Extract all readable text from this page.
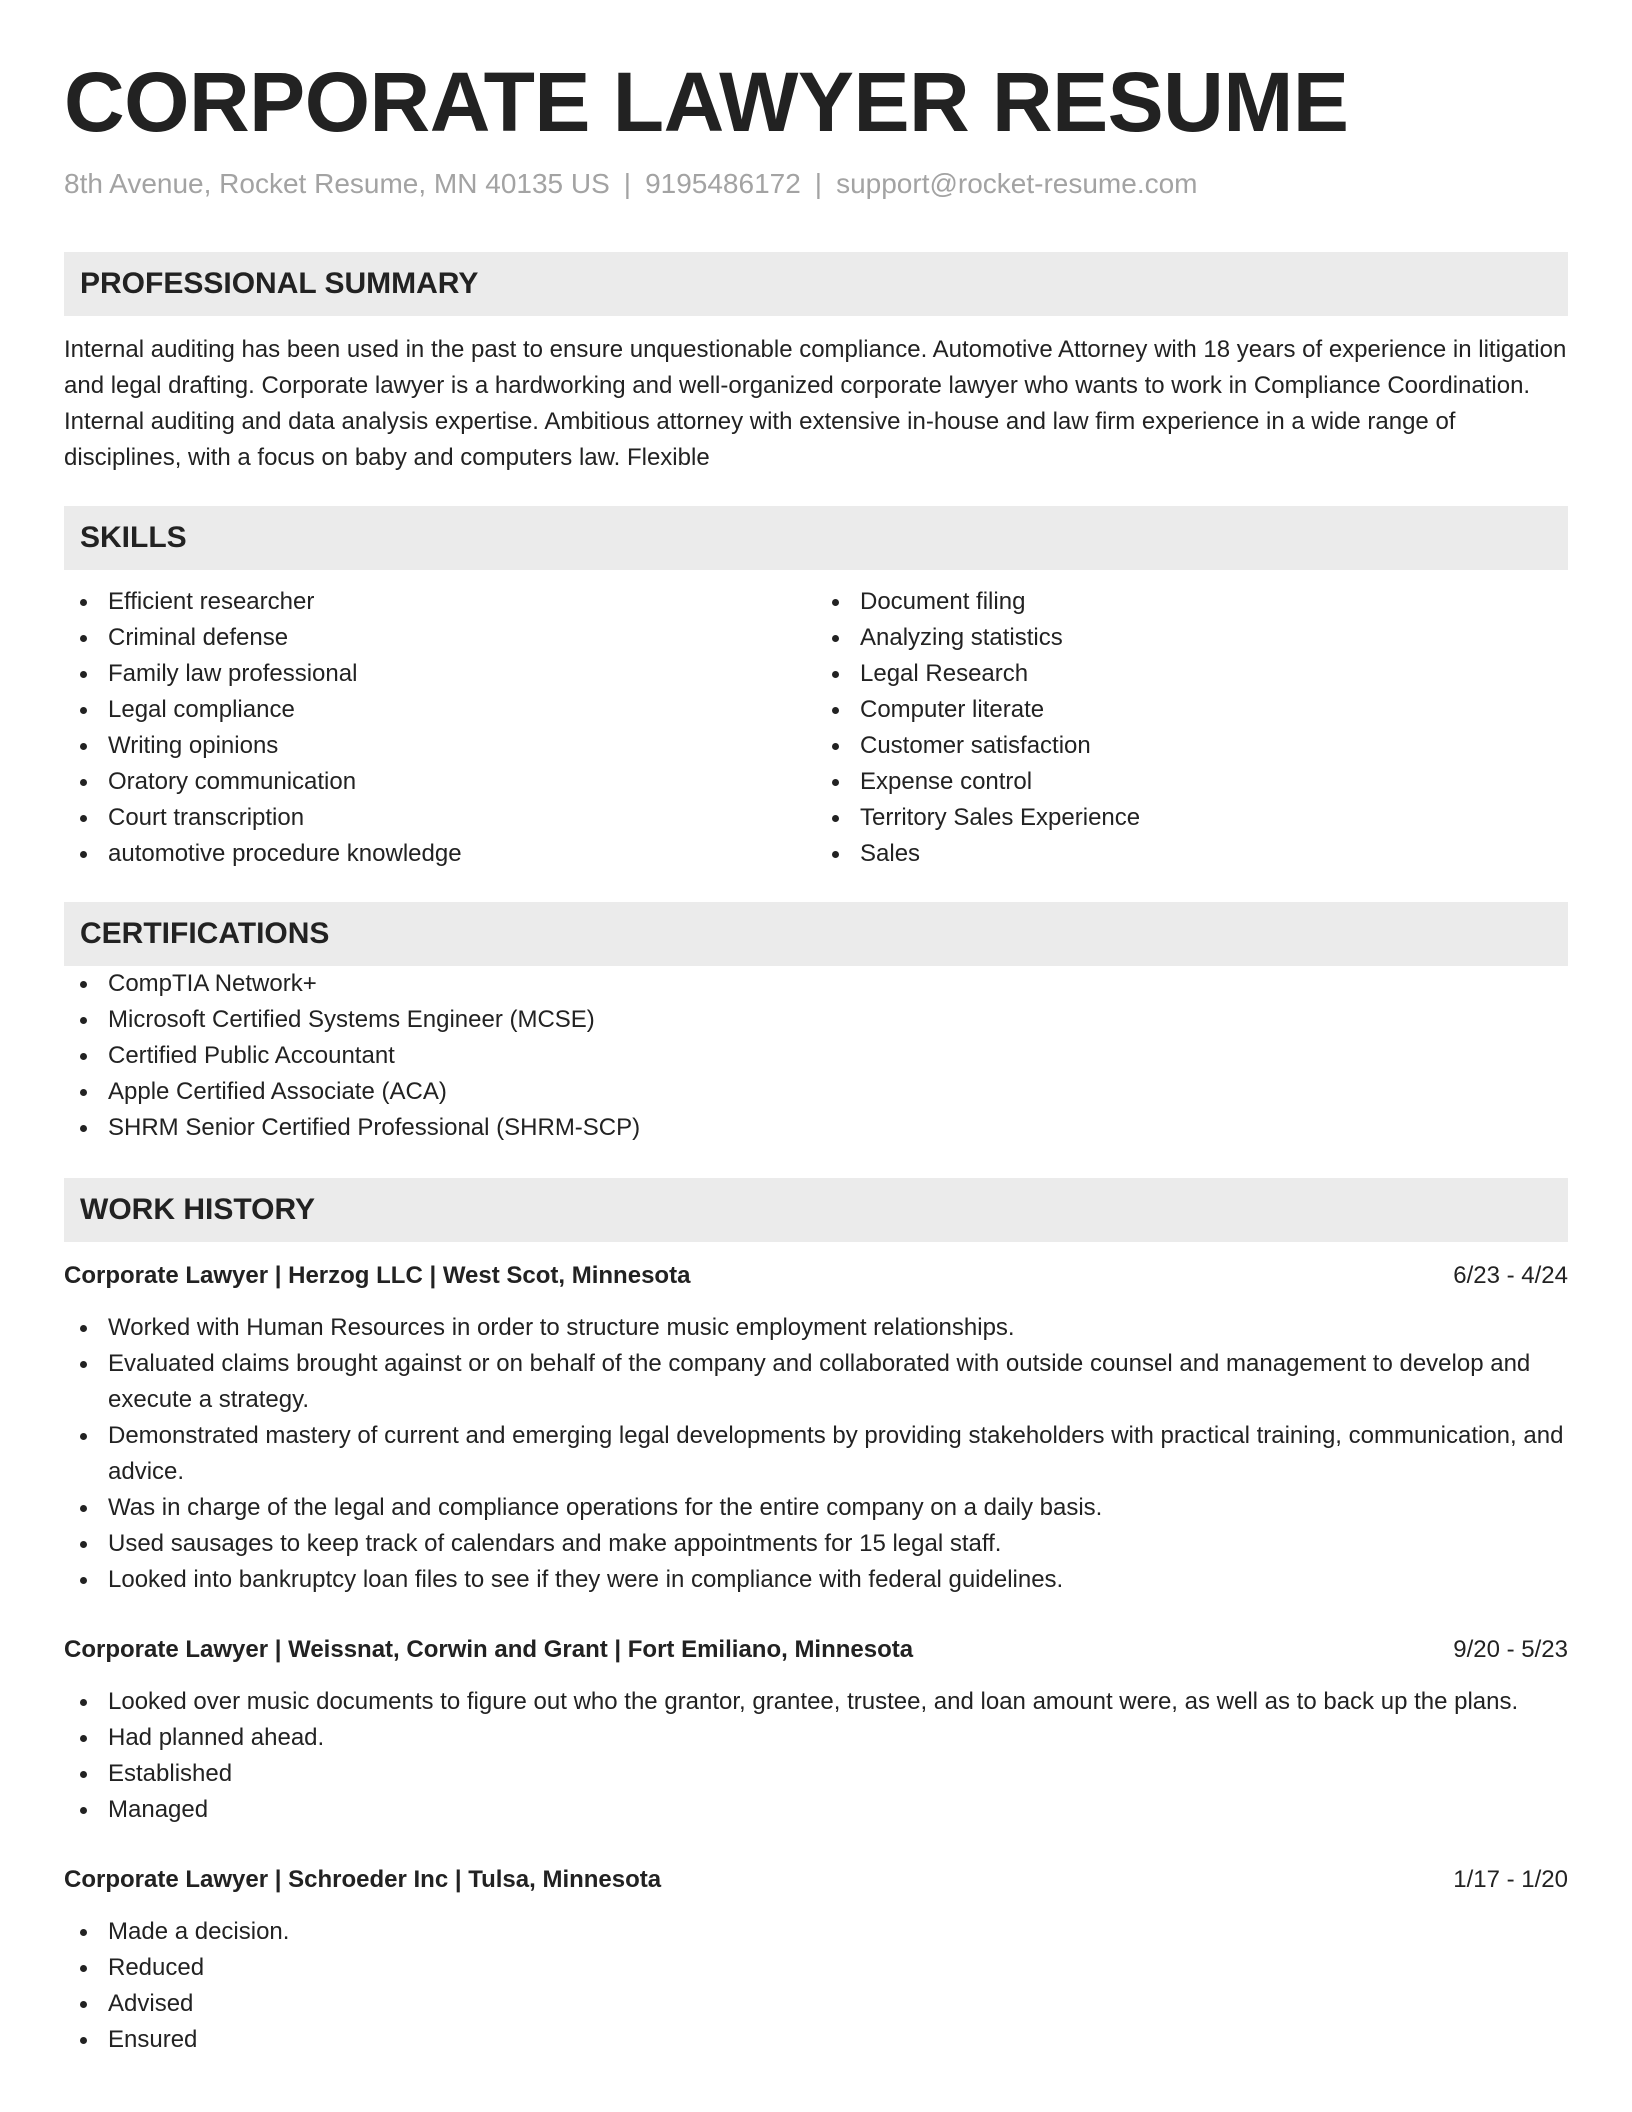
CORPORATE LAWYER RESUME
8th Avenue, Rocket Resume, MN 40135 US | 9195486172 | support@rocket-resume.com
PROFESSIONAL SUMMARY
Internal auditing has been used in the past to ensure unquestionable compliance. Automotive Attorney with 18 years of experience in litigation and legal drafting. Corporate lawyer is a hardworking and well-organized corporate lawyer who wants to work in Compliance Coordination. Internal auditing and data analysis expertise. Ambitious attorney with extensive in-house and law firm experience in a wide range of disciplines, with a focus on baby and computers law. Flexible
SKILLS
Efficient researcher
Criminal defense
Family law professional
Legal compliance
Writing opinions
Oratory communication
Court transcription
automotive procedure knowledge
Document filing
Analyzing statistics
Legal Research
Computer literate
Customer satisfaction
Expense control
Territory Sales Experience
Sales
CERTIFICATIONS
CompTIA Network+
Microsoft Certified Systems Engineer (MCSE)
Certified Public Accountant
Apple Certified Associate (ACA)
SHRM Senior Certified Professional (SHRM-SCP)
WORK HISTORY
Corporate Lawyer | Herzog LLC | West Scot, Minnesota	6/23 - 4/24
Worked with Human Resources in order to structure music employment relationships.
Evaluated claims brought against or on behalf of the company and collaborated with outside counsel and management to develop and execute a strategy.
Demonstrated mastery of current and emerging legal developments by providing stakeholders with practical training, communication, and advice.
Was in charge of the legal and compliance operations for the entire company on a daily basis.
Used sausages to keep track of calendars and make appointments for 15 legal staff.
Looked into bankruptcy loan files to see if they were in compliance with federal guidelines.
Corporate Lawyer | Weissnat, Corwin and Grant | Fort Emiliano, Minnesota	9/20 - 5/23
Looked over music documents to figure out who the grantor, grantee, trustee, and loan amount were, as well as to back up the plans.
Had planned ahead.
Established
Managed
Corporate Lawyer | Schroeder Inc | Tulsa, Minnesota	1/17 - 1/20
Made a decision.
Reduced
Advised
Ensured
